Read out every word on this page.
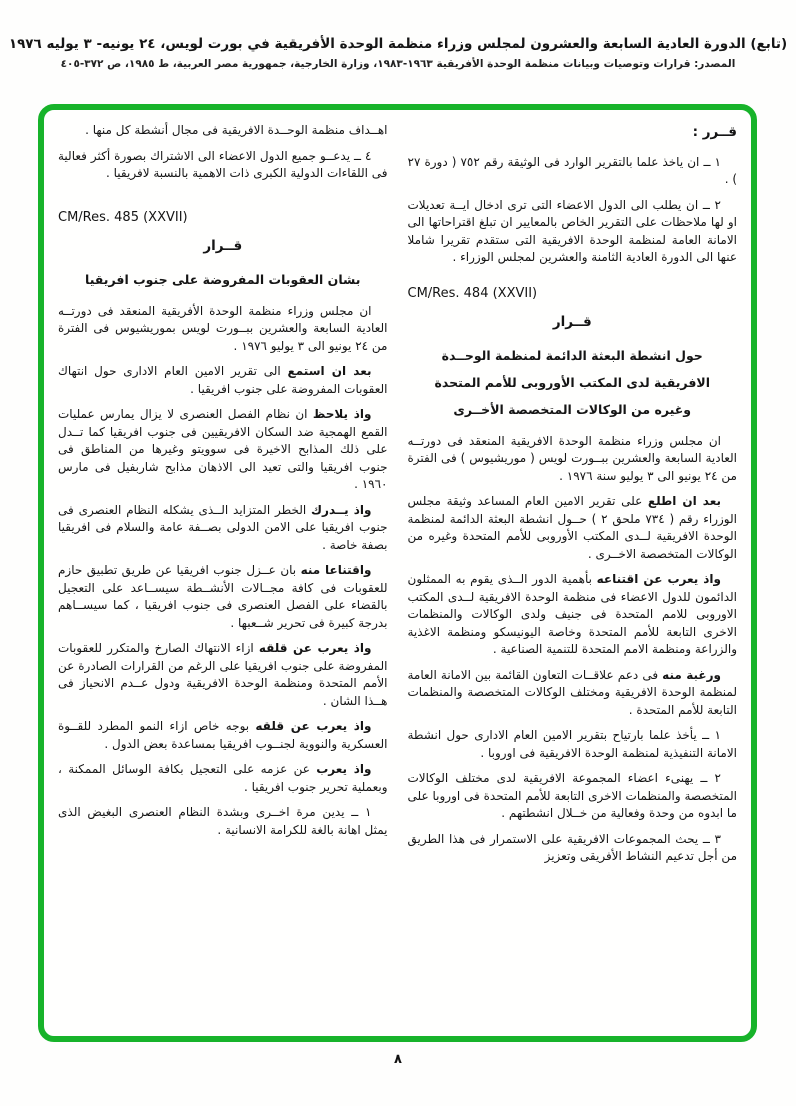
(تابع) الدورة العادية السابعة والعشرون لمجلس وزراء منظمة الوحدة الأفريقية في بورت لويس، ٢٤ يونيه- ٣ يوليه ١٩٧٦
المصدر: قرارات وتوصيات وبيانات منظمة الوحدة الأفريقية ١٩٦٣-١٩٨٣، وزارة الخارجية، جمهورية مصر العربية، ط ١٩٨٥، ص ٣٧٢-٤٠٥
قــرر :

١ ــ ان ياخذ علما بالتقرير الوارد فى الوثيقة رقم ٧٥٢ ( دورة ٢٧ ) .

٢ ــ ان يطلب الى الدول الاعضاء التى ترى ادخال ايــة تعديلات او لها ملاحظات على التقرير الخاص بالمعايير ان تبلغ اقتراحاتها الى الامانة العامة لمنظمة الوحدة الافريقية التى ستقدم تقريرا شاملا عنها الى الدورة العادية الثامنة والعشرين لمجلس الوزراء .

CM/Res. 484 (XXVII)
قــرار
حول انشطة البعثة الدائمة لمنظمة الوحــدة
الافريقية لدى المكتب الأوروبى للأمم المتحدة
وغيره من الوكالات المتخصصة الأخــرى

ان مجلس وزراء منظمة الوحدة الافريقية المنعقد فى دورتــه العادية السابعة والعشرين ببــورت لويس ( موريشيوس ) فى الفترة من ٢٤ يونيو الى ٣ يوليو سنة ١٩٧٦ .

بعد ان اطلع على تقرير الامين العام المساعد وثيقة مجلس الوزراء رقم ( ٧٣٤ ملحق ٢ ) حــول انشطة البعثة الدائمة لمنظمة الوحدة الافريقية لــدى المكتب الأوروبى للأمم المتحدة وغيره من الوكالات المتخصصة الاخــرى .

واذ يعرب عن اقتناعه بأهمية الدور الــذى يقوم به الممثلون الدائمون للدول الاعضاء فى منظمة الوحدة الافريقية لــدى المكتب الاوروبى للامم المتحدة فى جنيف ولدى الوكالات والمنظمات الاخرى التابعة للأمم المتحدة وخاصة اليونيسكو ومنظمة الاغذية والزراعة ومنظمة الامم المتحدة للتنمية الصناعية .

ورغبة منه فى دعم علاقــات التعاون القائمة بين الامانة العامة لمنظمة الوحدة الافريقية ومختلف الوكالات المتخصصة والمنظمات التابعة للأمم المتحدة .

١ ــ يأخذ علما بارتياح بتقرير الامين العام الادارى حول انشطة الامانة التنفيذية لمنظمة الوحدة الافريقية فى اوروبا .

٢ ــ يهنىء اعضاء المجموعة الافريقية لدى مختلف الوكالات المتخصصة والمنظمات الاخرى التابعة للأمم المتحدة فى اوروبا على ما ابدوه من وحدة وفعالية من خــلال انشطتهم .

٣ ــ يحث المجموعات الافريقية على الاستمرار فى هذا الطريق من أجل تدعيم النشاط الأفريقى وتعزيز

اهــداف منظمة الوحــدة الافريقية فى مجال أنشطة كل منها .

٤ ــ يدعــو جميع الدول الاعضاء الى الاشتراك بصورة أكثر فعالية فى اللقاءات الدولية الكبرى ذات الاهمية بالنسبة لافريقيا .

CM/Res. 485 (XXVII)
قــرار
بشان العقوبات المفروضة على جنوب افريقيا

ان مجلس وزراء منظمة الوحدة الأفريقية المنعقد فى دورتــه العادية السابعة والعشرين ببــورت لويس بموريشيوس فى الفترة من ٢٤ يونيو الى ٣ يوليو ١٩٧٦ .

بعد ان استمع الى تقرير الامين العام الادارى حول انتهاك العقوبات المفروضة على جنوب افريقيا .

واذ يلاحظ ان نظام الفصل العنصرى لا يزال يمارس عمليات القمع الهمجية ضد السكان الافريقيين فى جنوب افريقيا كما تــدل على ذلك المذابح الاخيرة فى سوويتو وغيرها من المناطق فى جنوب افريقيا والتى تعيد الى الاذهان مذابح شاربفيل فى مارس ١٩٦٠ .

واذ يــدرك الخطر المتزايد الــذى يشكله النظام العنصرى فى جنوب افريقيا على الامن الدولى بصــفة عامة والسلام فى افريقيا بصفة خاصة .

واقتناعا منه بان عــزل جنوب افريقيا عن طريق تطبيق حازم للعقوبات فى كافة مجــالات الأنشــطة سيســاعد على التعجيل بالقضاء على الفصل العنصرى فى جنوب افريقيا ، كما سيســاهم بدرجة كبيرة فى تحرير شــعبها .

واذ يعرب عن قلقه ازاء الانتهاك الصارخ والمتكرر للعقوبات المفروضة على جنوب افريقيا على الرغم من القرارات الصادرة عن الأمم المتحدة ومنظمة الوحدة الافريقية ودول عــدم الانحياز فى هــذا الشان .

واذ يعرب عن قلقه بوجه خاص ازاء النمو المطرد للقــوة العسكرية والنووية لجنــوب افريقيا بمساعدة بعض الدول .

واذ يعرب عن عزمه على التعجيل بكافة الوسائل الممكنة ، وبعملية تحرير جنوب افريقيا .

١ ــ يدين مرة اخــرى وبشدة النظام العنصرى البغيض الذى يمثل اهانة بالغة للكرامة الانسانية .

٨
